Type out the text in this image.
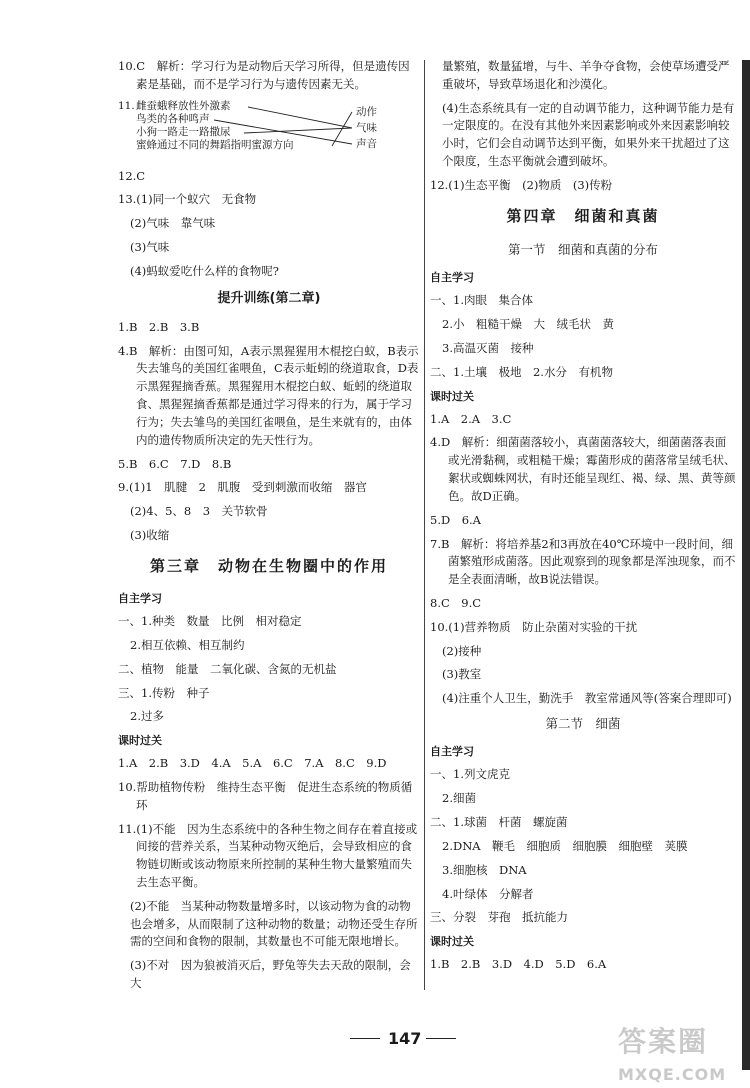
10.C　解析：学习行为是动物后天学习所得，但是遗传因素是基础，而不是学习行为与遗传因素无关。

11. 雌蚕蛾释放性外激素
鸟类的各种鸣声
小狗一路走一路撒尿
蜜蜂通过不同的舞蹈指明蜜源方向
动作
气味
声音

12.C

13.(1)同一个蚁穴　无食物

(2)气味　靠气味

(3)气味

(4)蚂蚁爱吃什么样的食物呢?

提升训练(第二章)

1.B　2.B　3.B

4.B　解析：由图可知，A表示黑猩猩用木棍挖白蚁，B表示失去雏鸟的美国红雀喂鱼，C表示蚯蚓的绕道取食，D表示黑猩猩摘香蕉。黑猩猩用木棍挖白蚁、蚯蚓的绕道取食、黑猩猩摘香蕉都是通过学习得来的行为，属于学习行为；失去雏鸟的美国红雀喂鱼，是生来就有的，由体内的遗传物质所决定的先天性行为。

5.B　6.C　7.D　8.B

9.(1)1　肌腱　2　肌腹　受到刺激而收缩　器官

(2)4、5、8　3　关节软骨

(3)收缩

第三章　动物在生物圈中的作用
自主学习

一、1.种类　数量　比例　相对稳定

2.相互依赖、相互制约

二、植物　能量　二氧化碳、含氮的无机盐

三、1.传粉　种子

2.过多

课时过关

1.A　2.B　3.D　4.A　5.A　6.C　7.A　8.C　9.D

10.帮助植物传粉　维持生态平衡　促进生态系统的物质循环

11.(1)不能　因为生态系统中的各种生物之间存在着直接或间接的营养关系，当某种动物灭绝后，会导致相应的食物链切断或该动物原来所控制的某种生物大量繁殖而失去生态平衡。

(2)不能　当某种动物数量增多时，以该动物为食的动物也会增多，从而限制了这种动物的数量；动物还受生存所需的空间和食物的限制，其数量也不可能无限地增长。

(3)不对　因为狼被消灭后，野兔等失去天敌的限制，会大

量繁殖，数量猛增，与牛、羊争夺食物，会使草场遭受严重破坏，导致草场退化和沙漠化。

(4)生态系统具有一定的自动调节能力，这种调节能力是有一定限度的。在没有其他外来因素影响或外来因素影响较小时，它们会自动调节达到平衡，如果外来干扰超过了这个限度，生态平衡就会遭到破坏。

12.(1)生态平衡　(2)物质　(3)传粉

第四章　细菌和真菌
第一节　细菌和真菌的分布
自主学习

一、1.肉眼　集合体

2.小　粗糙干燥　大　绒毛状　黄

3.高温灭菌　接种

二、1.土壤　极地　2.水分　有机物

课时过关

1.A　2.A　3.C

4.D　解析：细菌菌落较小，真菌菌落较大，细菌菌落表面或光滑黏稠，或粗糙干燥；霉菌形成的菌落常呈绒毛状、絮状或蜘蛛网状，有时还能呈现红、褐、绿、黑、黄等颜色。故D正确。

5.D　6.A

7.B　解析：将培养基2和3再放在40℃环境中一段时间，细菌繁殖形成菌落。因此观察到的现象都是浑浊现象，而不是全表面清晰，故B说法错误。

8.C　9.C

10.(1)营养物质　防止杂菌对实验的干扰

(2)接种

(3)教室

(4)注重个人卫生，勤洗手　教室常通风等(答案合理即可)

第二节　细菌
自主学习

一、1.列文虎克

2.细菌

二、1.球菌　杆菌　螺旋菌

2.DNA　鞭毛　细胞质　细胞膜　细胞壁　荚膜

3.细胞核　DNA

4.叶绿体　分解者

三、分裂　芽孢　抵抗能力

课时过关

1.B　2.B　3.D　4.D　5.D　6.A

147	答案圈
MXQE.COM
